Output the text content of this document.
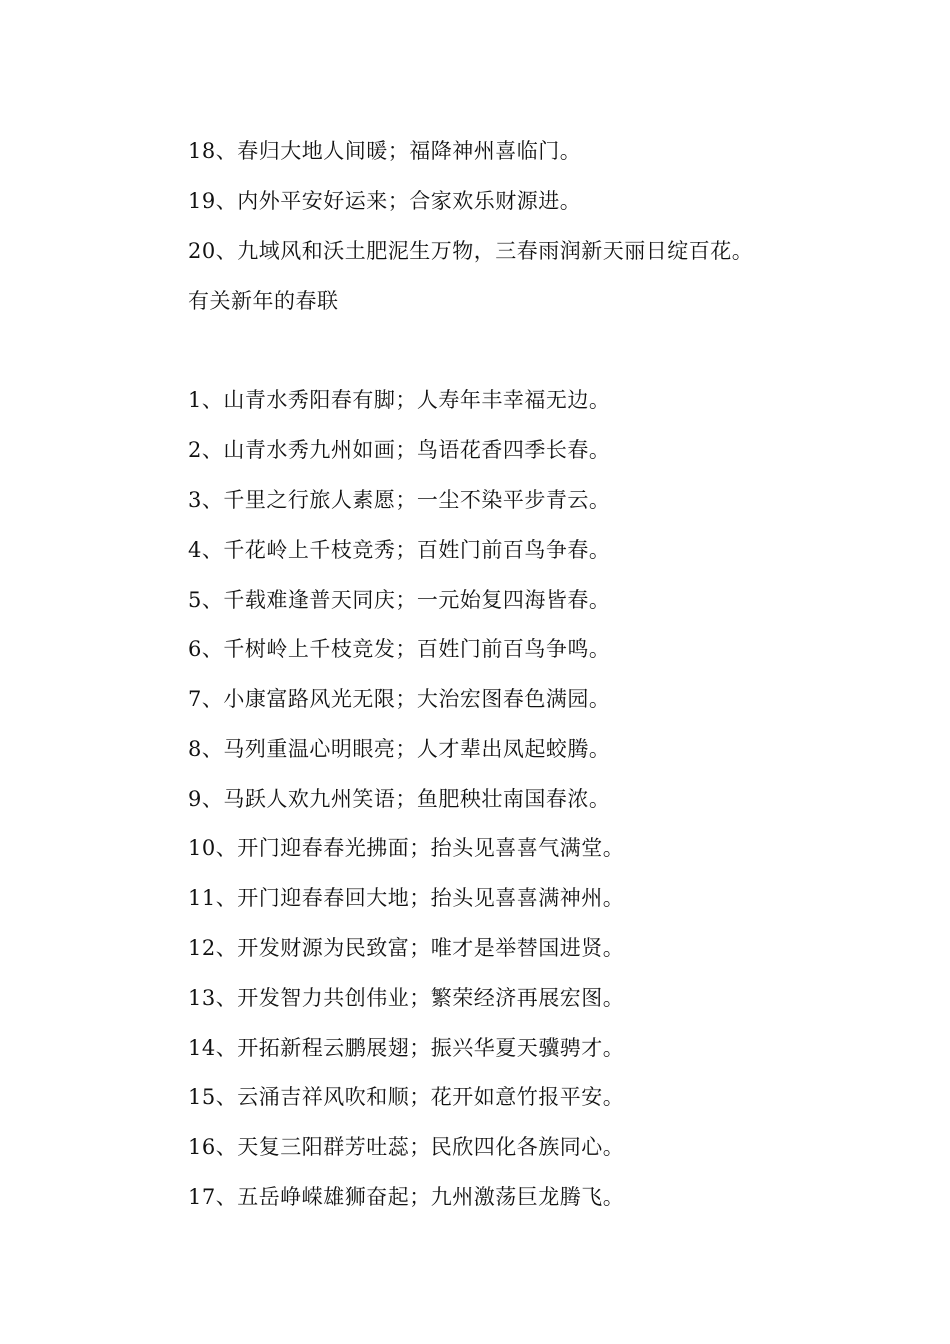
18、春归大地人间暖；福降神州喜临门。
19、内外平安好运来；合家欢乐财源进。
20、九域风和沃土肥泥生万物，三春雨润新天丽日绽百花。
有关新年的春联
1、山青水秀阳春有脚；人寿年丰幸福无边。
2、山青水秀九州如画；鸟语花香四季长春。
3、千里之行旅人素愿；一尘不染平步青云。
4、千花岭上千枝竞秀；百姓门前百鸟争春。
5、千载难逢普天同庆；一元始复四海皆春。
6、千树岭上千枝竞发；百姓门前百鸟争鸣。
7、小康富路风光无限；大治宏图春色满园。
8、马列重温心明眼亮；人才辈出凤起蛟腾。
9、马跃人欢九州笑语；鱼肥秧壮南国春浓。
10、开门迎春春光拂面；抬头见喜喜气满堂。
11、开门迎春春回大地；抬头见喜喜满神州。
12、开发财源为民致富；唯才是举替国进贤。
13、开发智力共创伟业；繁荣经济再展宏图。
14、开拓新程云鹏展翅；振兴华夏天骥骋才。
15、云涌吉祥风吹和顺；花开如意竹报平安。
16、天复三阳群芳吐蕊；民欣四化各族同心。
17、五岳峥嵘雄狮奋起；九州激荡巨龙腾飞。
